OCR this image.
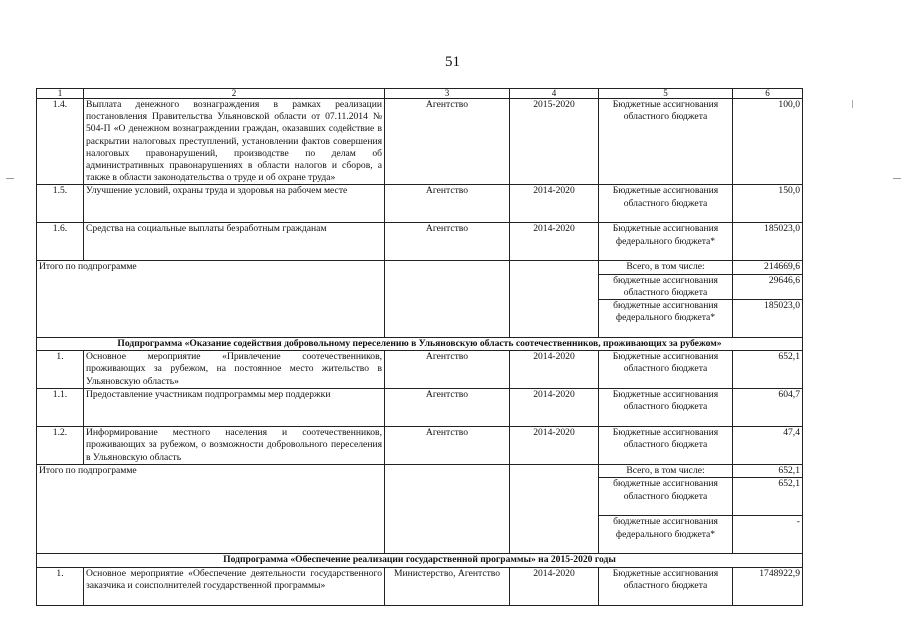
51
1	2	3	4	5	6
1.4.	Выплата денежного вознаграждения в рамках реализации постановления Правительства Ульяновской области от 07.11.2014 № 504-П «О денежном вознаграждении граждан, оказавших содействие в раскрытии налоговых преступлений, установлении фактов совершения налоговых правонарушений, производстве по делам об административных правонарушениях в области налогов и сборов, а также в области законодательства о труде и об охране труда»	Агентство	2015-2020	Бюджетные ассигнования областного бюджета	100,0
1.5.	Улучшение условий, охраны труда и здоровья на рабочем месте	Агентство	2014-2020	Бюджетные ассигнования областного бюджета	150,0
1.6.	Средства на социальные выплаты безработным гражданам	Агентство	2014-2020	Бюджетные ассигнования федерального бюджета*	185023,0
Итого по подпрограмме				Всего, в том числе:	214669,6
				бюджетные ассигнования областного бюджета	29646,6
				бюджетные ассигнования федерального бюджета*	185023,0
Подпрограмма «Оказание содействия добровольному переселению в Ульяновскую область соотечественников, проживающих за рубежом»					
1.	Основное мероприятие «Привлечение соотечественников, проживающих за рубежом, на постоянное место жительство в Ульяновскую область»	Агентство	2014-2020	Бюджетные ассигнования областного бюджета	652,1
1.1.	Предоставление участникам подпрограммы мер поддержки	Агентство	2014-2020	Бюджетные ассигнования областного бюджета	604,7
1.2.	Информирование местного населения и соотечественников, проживающих за рубежом, о возможности добровольного переселения в Ульяновскую область	Агентство	2014-2020	Бюджетные ассигнования областного бюджета	47,4
Итого по подпрограмме				Всего, в том числе:	652,1
				бюджетные ассигнования областного бюджета	652,1
				бюджетные ассигнования федерального бюджета*	-
Подпрограмма «Обеспечение реализации государственной программы» на 2015-2020 годы					
1.	Основное мероприятие «Обеспечение деятельности государственного заказчика и соисполнителей государственной программы»	Министерство, Агентство	2014-2020	Бюджетные ассигнования областного бюджета	1748922,9
